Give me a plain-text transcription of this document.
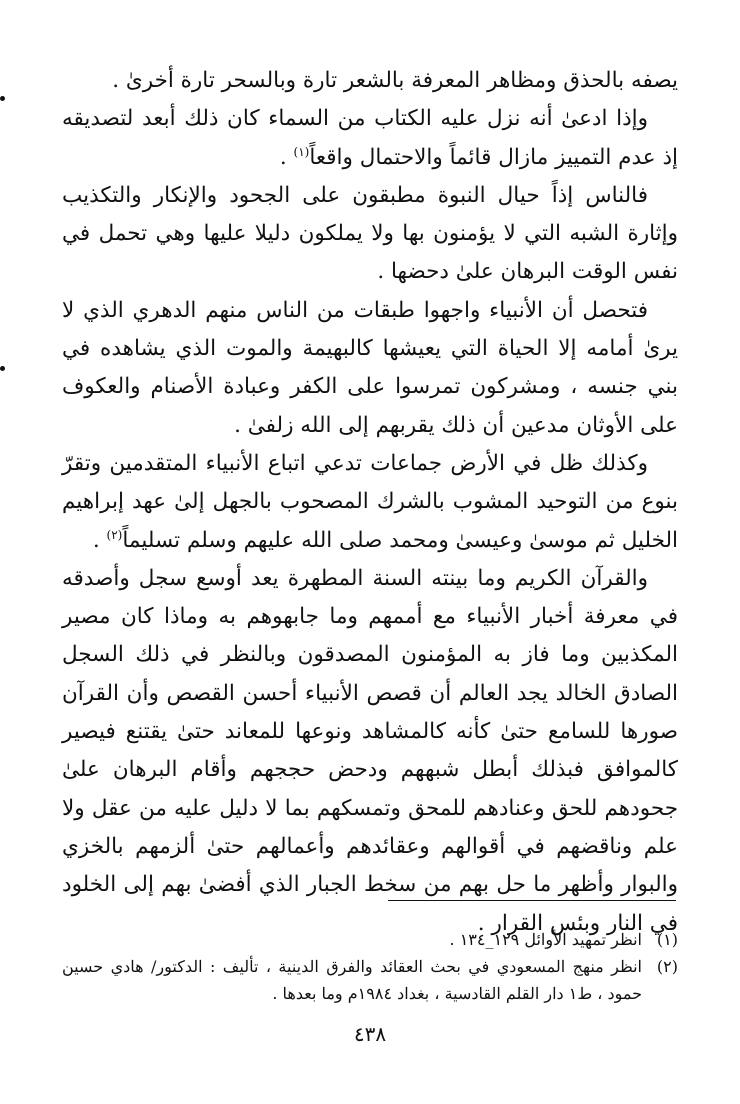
يصفه بالحذق ومظاهر المعرفة بالشعر تارة وبالسحر تارة أخرىٰ .

وإذا ادعىٰ أنه نزل عليه الكتاب من السماء كان ذلك أبعد لتصديقه إذ عدم التمييز مازال قائماً والاحتمال واقعاً$^{(١)}$ .

فالناس إذاً حيال النبوة مطبقون على الجحود والإنكار والتكذيب وإثارة الشبه التي لا يؤمنون بها ولا يملكون دليلا عليها وهي تحمل في نفس الوقت البرهان علىٰ دحضها .

فتحصل أن الأنبياء واجهوا طبقات من الناس منهم الدهري الذي لا يرىٰ أمامه إلا الحياة التي يعيشها كالبهيمة والموت الذي يشاهده في بني جنسه ، ومشركون تمرسوا على الكفر وعبادة الأصنام والعكوف على الأوثان مدعين أن ذلك يقربهم إلى الله زلفىٰ .

وكذلك ظل في الأرض جماعات تدعي اتباع الأنبياء المتقدمين وتقرّ بنوع من التوحيد المشوب بالشرك المصحوب بالجهل إلىٰ عهد إبراهيم الخليل ثم موسىٰ وعيسىٰ ومحمد صلى الله عليهم وسلم تسليماً$^{(٢)}$ .

والقرآن الكريم وما بينته السنة المطهرة يعد أوسع سجل وأصدقه في معرفة أخبار الأنبياء مع أممهم وما جابهوهم به وماذا كان مصير المكذبين وما فاز به المؤمنون المصدقون وبالنظر في ذلك السجل الصادق الخالد يجد العالم أن قصص الأنبياء أحسن القصص وأن القرآن صورها للسامع حتىٰ كأنه كالمشاهد ونوعها للمعاند حتىٰ يقتنع فيصير كالموافق فبذلك أبطل شبههم ودحض حججهم وأقام البرهان علىٰ جحودهم للحق وعنادهم للمحق وتمسكهم بما لا دليل عليه من عقل ولا علم وناقضهم في أقوالهم وعقائدهم وأعمالهم حتىٰ ألزمهم بالخزي والبوار وأظهر ما حل بهم من سخط الجبار الذي أفضىٰ بهم إلى الخلود في النار وبئس القرار .

(١)
انظر تمهيد الأوائل ١٢٩_١٣٤ .
(٢)
انظر منهج المسعودي في بحث العقائد والفرق الدينية ، تأليف : الدكتور/ هادي حسين حمود ، ط١ دار القلم القادسية ، بغداد ١٩٨٤م وما بعدها .
٤٣٨
